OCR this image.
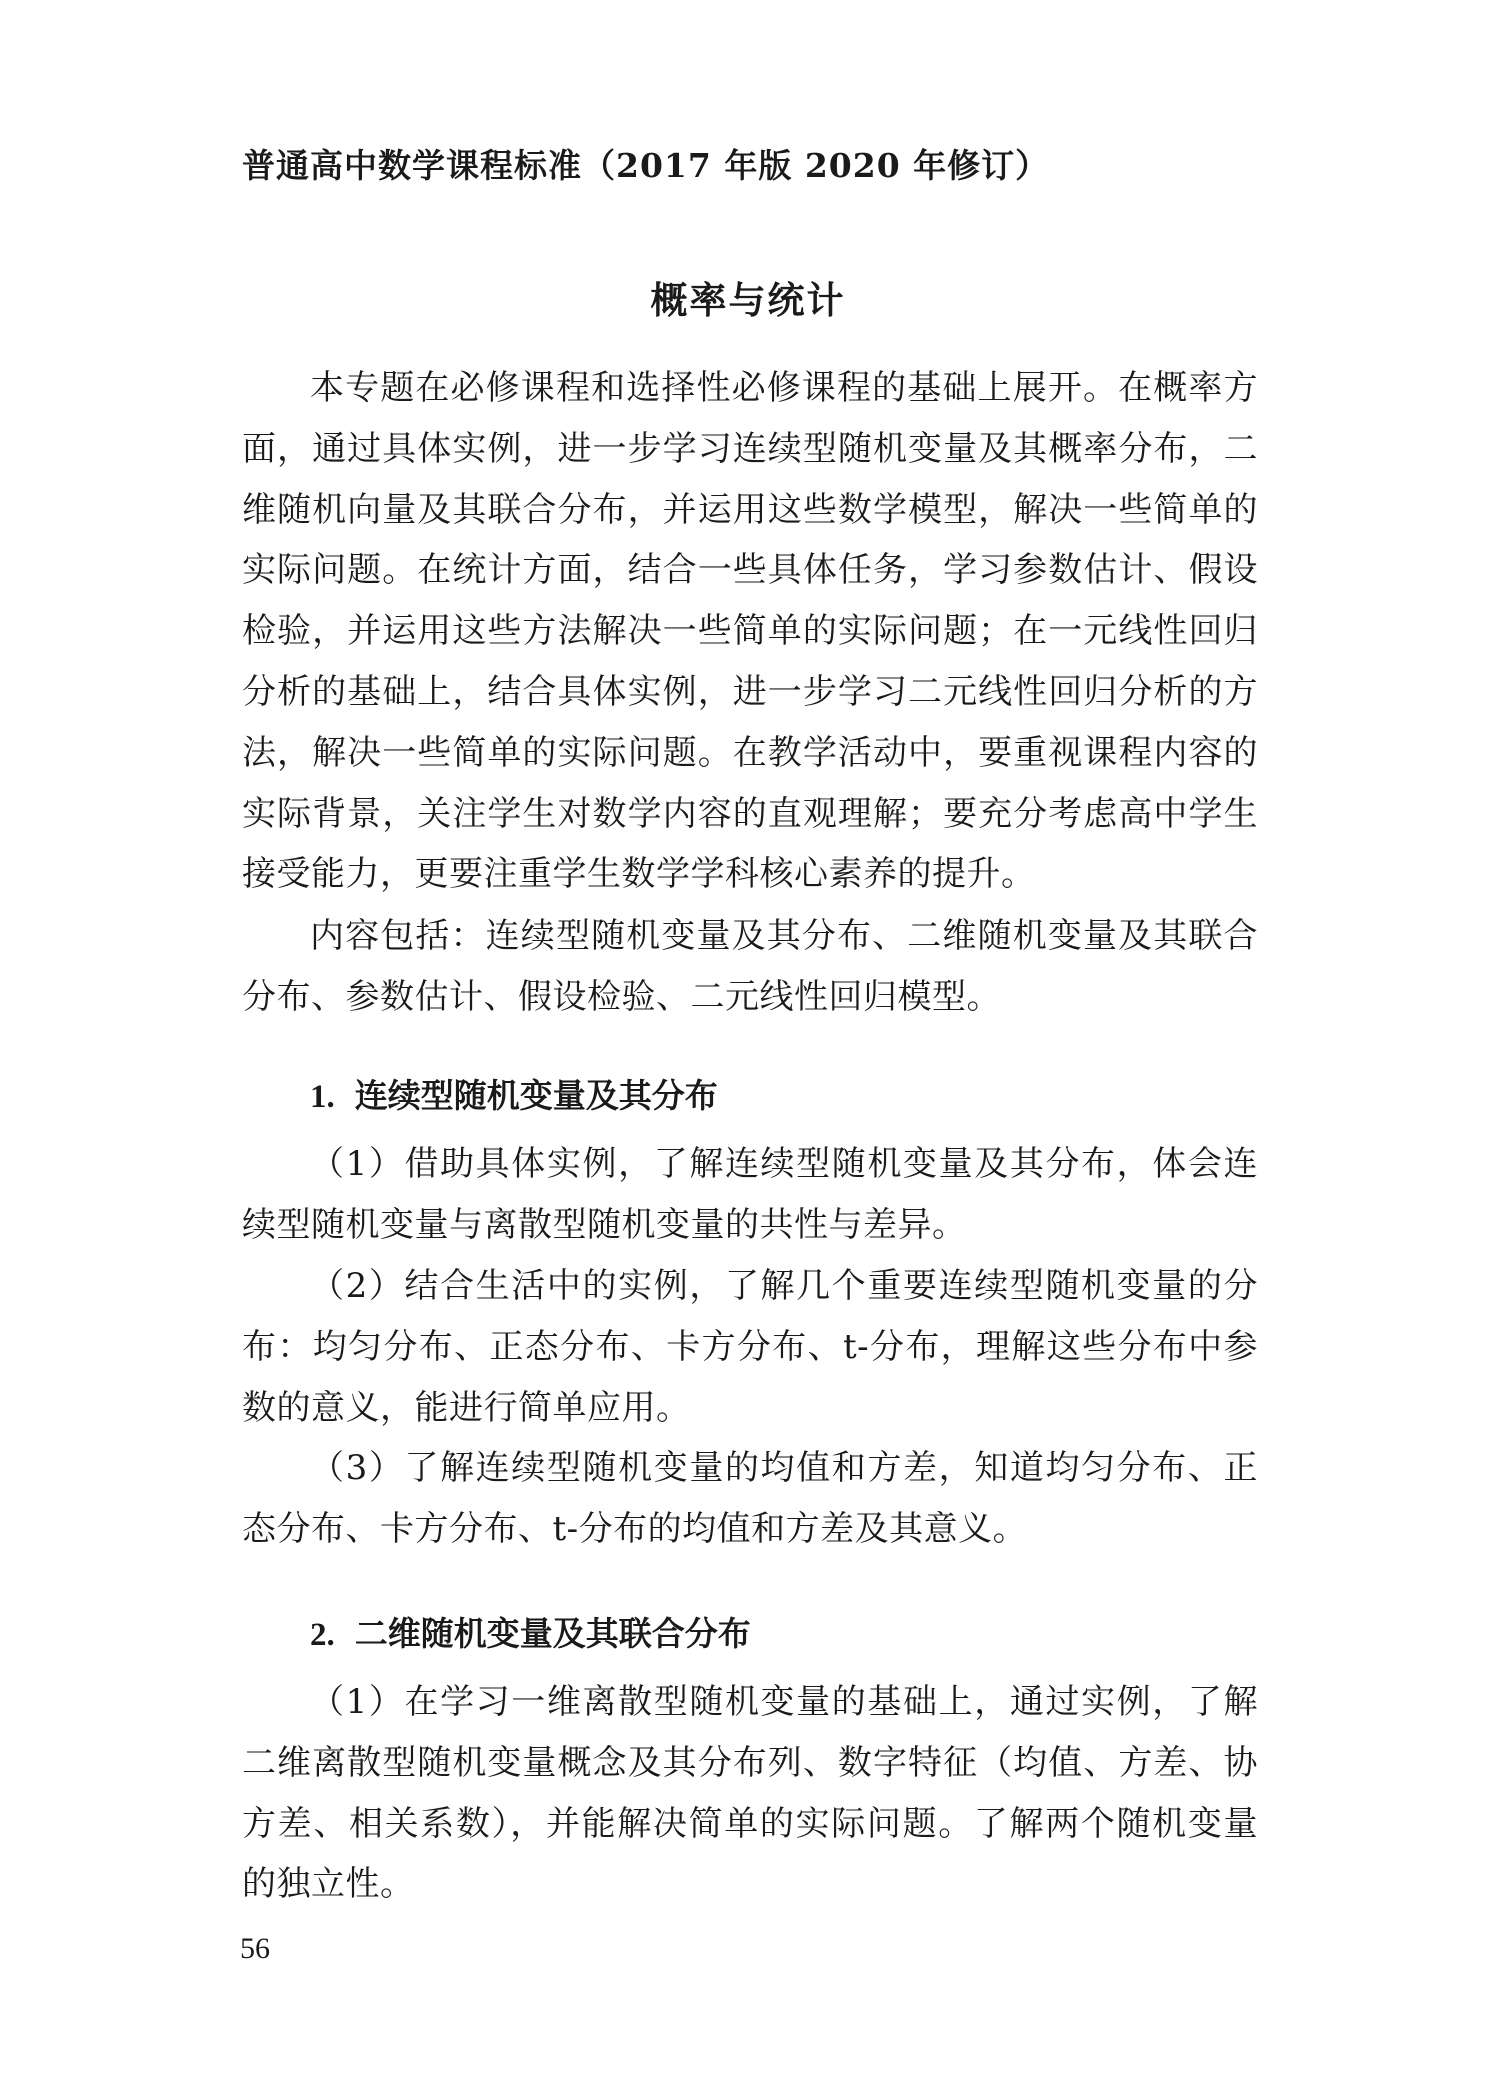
普通高中数学课程标准（2017 年版 2020 年修订）
概率与统计

本专题在必修课程和选择性必修课程的基础上展开。在概率方面，通过具体实例，进一步学习连续型随机变量及其概率分布，二维随机向量及其联合分布，并运用这些数学模型，解决一些简单的实际问题。在统计方面，结合一些具体任务，学习参数估计、假设检验，并运用这些方法解决一些简单的实际问题；在一元线性回归分析的基础上，结合具体实例，进一步学习二元线性回归分析的方法，解决一些简单的实际问题。在教学活动中，要重视课程内容的实际背景，关注学生对数学内容的直观理解；要充分考虑高中学生接受能力，更要注重学生数学学科核心素养的提升。

内容包括：连续型随机变量及其分布、二维随机变量及其联合分布、参数估计、假设检验、二元线性回归模型。

1. 连续型随机变量及其分布

（1）借助具体实例，了解连续型随机变量及其分布，体会连续型随机变量与离散型随机变量的共性与差异。

（2）结合生活中的实例，了解几个重要连续型随机变量的分布：均匀分布、正态分布、卡方分布、t-分布，理解这些分布中参数的意义，能进行简单应用。

（3）了解连续型随机变量的均值和方差，知道均匀分布、正态分布、卡方分布、t-分布的均值和方差及其意义。

2. 二维随机变量及其联合分布

（1）在学习一维离散型随机变量的基础上，通过实例，了解二维离散型随机变量概念及其分布列、数字特征（均值、方差、协方差、相关系数），并能解决简单的实际问题。了解两个随机变量的独立性。

56
